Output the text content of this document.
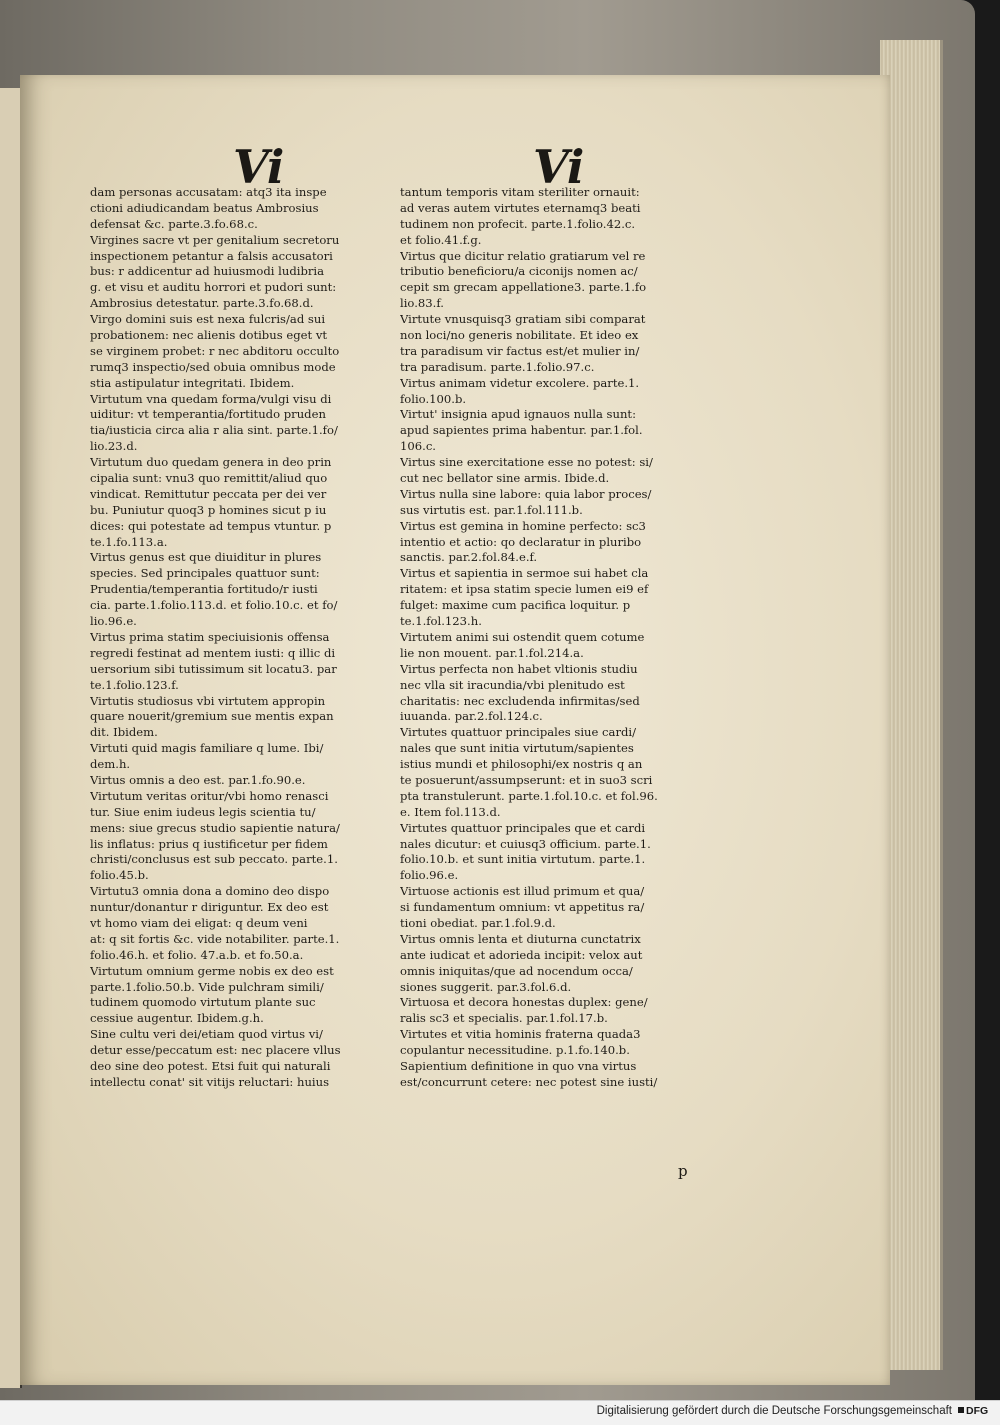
Vi	Vi
dam personas accusatam: atq3 ita inspe
ctioni adiudicandam beatus Ambrosius
defensat &c. parte.3.fo.68.c.
Virgines sacre vt per genitalium secretoru
inspectionem petantur a falsis accusatori
bus: r addicentur ad huiusmodi ludibria
g. et visu et auditu horrori et pudori sunt:
Ambrosius detestatur. parte.3.fo.68.d.
Virgo domini suis est nexa fulcris/ad sui
probationem: nec alienis dotibus eget vt
se virginem probet: r nec abditoru occulto
rumq3 inspectio/sed obuia omnibus mode
stia astipulatur integritati. Ibidem.
Virtutum vna quedam forma/vulgi visu di
uiditur: vt temperantia/fortitudo pruden
tia/iusticia circa alia r alia sint. parte.1.fo/
lio.23.d.
Virtutum duo quedam genera in deo prin
cipalia sunt: vnu3 quo remittit/aliud quo
vindicat. Remittutur peccata per dei ver
bu. Puniutur quoq3 p homines sicut p iu
dices: qui potestate ad tempus vtuntur. p
te.1.fo.113.a.
Virtus genus est que diuiditur in plures
species. Sed principales quattuor sunt:
Prudentia/temperantia fortitudo/r iusti
cia. parte.1.folio.113.d. et folio.10.c. et fo/
lio.96.e.
Virtus prima statim speciuisionis offensa
regredi festinat ad mentem iusti: q illic di
uersorium sibi tutissimum sit locatu3. par
te.1.folio.123.f.
Virtutis studiosus vbi virtutem appropin
quare nouerit/gremium sue mentis expan
dit. Ibidem.
Virtuti quid magis familiare q lume. Ibi/
dem.h.
Virtus omnis a deo est. par.1.fo.90.e.
Virtutum veritas oritur/vbi homo renasci
tur. Siue enim iudeus legis scientia tu/
mens: siue grecus studio sapientie natura/
lis inflatus: prius q iustificetur per fidem
christi/conclusus est sub peccato. parte.1.
folio.45.b.
Virtutu3 omnia dona a domino deo dispo
nuntur/donantur r diriguntur. Ex deo est
vt homo viam dei eligat: q deum veni
at: q sit fortis &c. vide notabiliter. parte.1.
folio.46.h. et folio. 47.a.b. et fo.50.a.
Virtutum omnium germe nobis ex deo est
parte.1.folio.50.b. Vide pulchram simili/
tudinem quomodo virtutum plante suc
cessiue augentur. Ibidem.g.h.
Sine cultu veri dei/etiam quod virtus vi/
detur esse/peccatum est: nec placere vllus
deo sine deo potest. Etsi fuit qui naturali
intellectu conat' sit vitijs reluctari: huius
tantum temporis vitam steriliter ornauit:
ad veras autem virtutes eternamq3 beati
tudinem non profecit. parte.1.folio.42.c.
et folio.41.f.g.
Virtus que dicitur relatio gratiarum vel re
tributio beneficioru/a ciconijs nomen ac/
cepit sm grecam appellatione3. parte.1.fo
lio.83.f.
Virtute vnusquisq3 gratiam sibi comparat
non loci/no generis nobilitate. Et ideo ex
tra paradisum vir factus est/et mulier in/
tra paradisum. parte.1.folio.97.c.
Virtus animam videtur excolere. parte.1.
folio.100.b.
Virtut' insignia apud ignauos nulla sunt:
apud sapientes prima habentur. par.1.fol.
106.c.
Virtus sine exercitatione esse no potest: si/
cut nec bellator sine armis. Ibide.d.
Virtus nulla sine labore: quia labor proces/
sus virtutis est. par.1.fol.111.b.
Virtus est gemina in homine perfecto: sc3
intentio et actio: qo declaratur in pluribo
sanctis. par.2.fol.84.e.f.
Virtus et sapientia in sermoe sui habet cla
ritatem: et ipsa statim specie lumen ei9 ef
fulget: maxime cum pacifica loquitur. p
te.1.fol.123.h.
Virtutem animi sui ostendit quem cotume
lie non mouent. par.1.fol.214.a.
Virtus perfecta non habet vltionis studiu
nec vlla sit iracundia/vbi plenitudo est
charitatis: nec excludenda infirmitas/sed
iuuanda. par.2.fol.124.c.
Virtutes quattuor principales siue cardi/
nales que sunt initia virtutum/sapientes
istius mundi et philosophi/ex nostris q an
te posuerunt/assumpserunt: et in suo3 scri
pta transtulerunt. parte.1.fol.10.c. et fol.96.
e. Item fol.113.d.
Virtutes quattuor principales que et cardi
nales dicutur: et cuiusq3 officium. parte.1.
folio.10.b. et sunt initia virtutum. parte.1.
folio.96.e.
Virtuose actionis est illud primum et qua/
si fundamentum omnium: vt appetitus ra/
tioni obediat. par.1.fol.9.d.
Virtus omnis lenta et diuturna cunctatrix
ante iudicat et adoriedа incipit: velox aut
omnis iniquitas/que ad nocendum occa/
siones suggerit. par.3.fol.6.d.
Virtuosa et decora honestas duplex: gene/
ralis sc3 et specialis. par.1.fol.17.b.
Virtutes et vitia hominis fraterna quada3
copulantur necessitudine. p.1.fo.140.b.
Sapientium definitione in quo vna virtus
est/concurrunt cetere: nec potest sine iusti/
p
Digitalisierung gefördert durch die Deutsche Forschungsgemeinschaft	DFG
